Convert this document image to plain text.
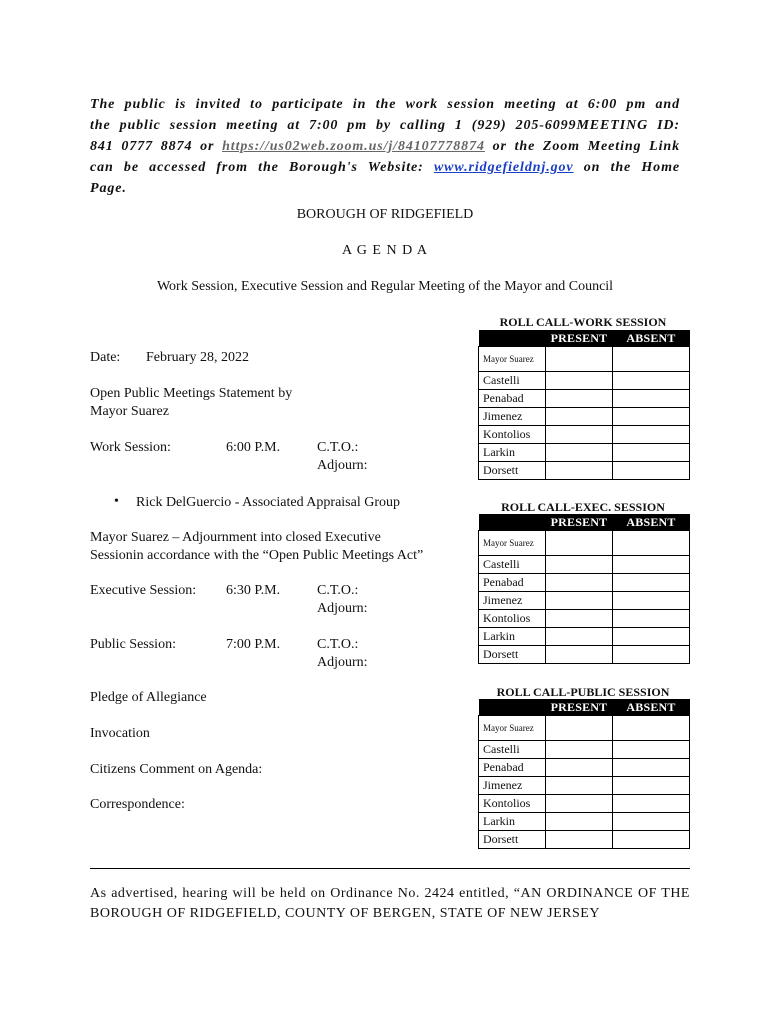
The public is invited to participate in the work session meeting at 6:00 pm and the public session meeting at 7:00 pm by calling 1 (929) 205-6099MEETING ID: 841 0777 8874 or https://us02web.zoom.us/j/84107778874 or the Zoom Meeting Link can be accessed from the Borough's Website: www.ridgefieldnj.gov on the Home Page.
BOROUGH OF RIDGEFIELD
A G E N D A
Work Session, Executive Session and Regular Meeting of the Mayor and Council
Date: February 28, 2022
Open Public Meetings Statement by
Mayor Suarez
Work Session:	6:00 P.M.	C.T.O.:
Adjourn:
• Rick DelGuercio - Associated Appraisal Group
Mayor Suarez – Adjournment into closed Executive
Sessionin accordance with the “Open Public Meetings Act”
Executive Session: 6:30 P.M.	C.T.O.:
Adjourn:
Public Session:	7:00 P.M.	C.T.O.:
Adjourn:
Pledge of Allegiance
Invocation
Citizens Comment on Agenda:
Correspondence:
ROLL CALL-WORK SESSION
	PRESENT	ABSENT
Mayor Suarez		
Castelli		
Penabad		
Jimenez		
Kontolios		
Larkin		
Dorsett		
ROLL CALL-EXEC. SESSION
	PRESENT	ABSENT
Mayor Suarez		
Castelli		
Penabad		
Jimenez		
Kontolios		
Larkin		
Dorsett		
ROLL CALL-PUBLIC SESSION
	PRESENT	ABSENT
Mayor Suarez		
Castelli		
Penabad		
Jimenez		
Kontolios		
Larkin		
Dorsett		
As advertised, hearing will be held on Ordinance No. 2424 entitled, “AN ORDINANCE OF THE BOROUGH OF RIDGEFIELD, COUNTY OF BERGEN, STATE OF NEW JERSEY
